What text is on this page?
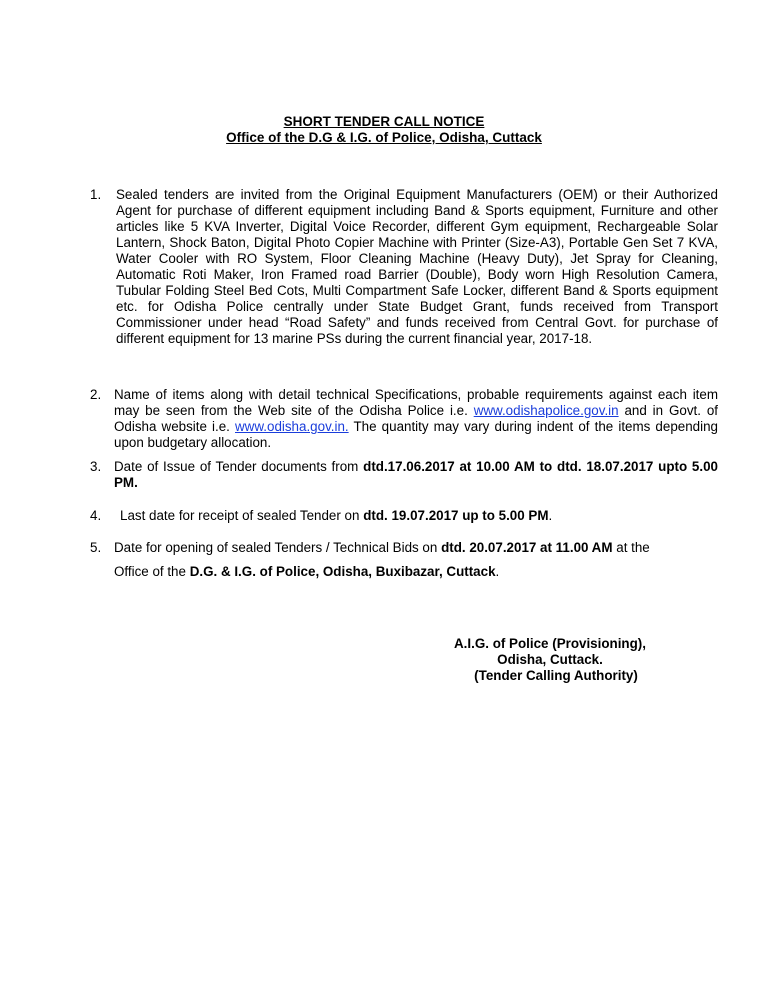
SHORT TENDER CALL NOTICE
Office of the D.G & I.G. of Police, Odisha, Cuttack
1. Sealed tenders are invited from the Original Equipment Manufacturers (OEM) or their Authorized Agent for purchase of different equipment including Band & Sports equipment, Furniture and other articles like 5 KVA Inverter, Digital Voice Recorder, different Gym equipment, Rechargeable Solar Lantern, Shock Baton, Digital Photo Copier Machine with Printer (Size-A3), Portable Gen Set 7 KVA, Water Cooler with RO System, Floor Cleaning Machine (Heavy Duty), Jet Spray for Cleaning, Automatic Roti Maker, Iron Framed road Barrier (Double), Body worn High Resolution Camera, Tubular Folding Steel Bed Cots, Multi Compartment Safe Locker, different Band & Sports equipment etc. for Odisha Police centrally under State Budget Grant, funds received from Transport Commissioner under head “Road Safety” and funds received from Central Govt. for purchase of different equipment for 13 marine PSs during the current financial year, 2017-18.
2. Name of items along with detail technical Specifications, probable requirements against each item may be seen from the Web site of the Odisha Police i.e. www.odishapolice.gov.in and in Govt. of Odisha website i.e. www.odisha.gov.in. The quantity may vary during indent of the items depending upon budgetary allocation.
3. Date of Issue of Tender documents from dtd.17.06.2017 at 10.00 AM to dtd. 18.07.2017 upto 5.00 PM.
4. Last date for receipt of sealed Tender on dtd. 19.07.2017 up to 5.00 PM.
5. Date for opening of sealed Tenders / Technical Bids on dtd. 20.07.2017 at 11.00 AM at the
Office of the D.G. & I.G. of Police, Odisha, Buxibazar, Cuttack.
A.I.G. of Police (Provisioning),
Odisha, Cuttack.
(Tender Calling Authority)
